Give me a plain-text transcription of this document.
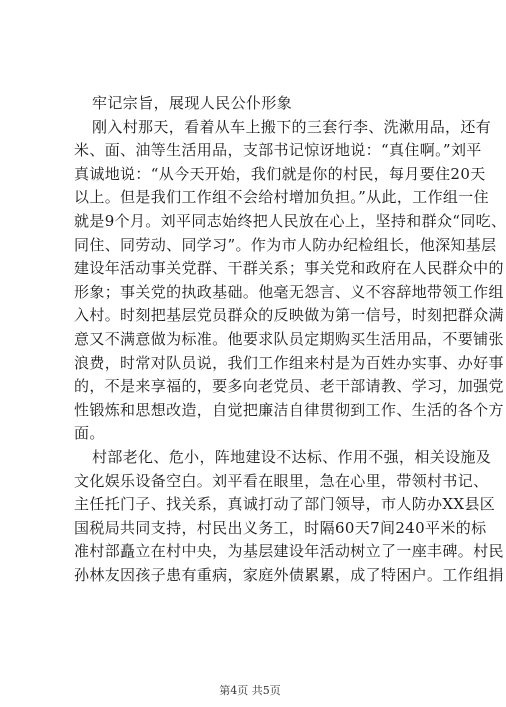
牢记宗旨，展现人民公仆形象

刚入村那天，看着从车上搬下的三套行李、洗漱用品，还有
米、面、油等生活用品，支部书记惊讶地说：“真住啊。”刘平
真诚地说：“从今天开始，我们就是你的村民，每月要住20天
以上。但是我们工作组不会给村增加负担。”从此，工作组一住
就是9个月。刘平同志始终把人民放在心上，坚持和群众“同吃、
同住、同劳动、同学习”。作为市人防办纪检组长，他深知基层
建设年活动事关党群、干群关系；事关党和政府在人民群众中的
形象；事关党的执政基础。他毫无怨言、义不容辞地带领工作组
入村。时刻把基层党员群众的反映做为第一信号，时刻把群众满
意又不满意做为标准。他要求队员定期购买生活用品，不要铺张
浪费，时常对队员说，我们工作组来村是为百姓办实事、办好事
的，不是来享福的，要多向老党员、老干部请教、学习，加强党
性锻炼和思想改造，自觉把廉洁自律贯彻到工作、生活的各个方
面。

村部老化、危小，阵地建设不达标、作用不强，相关设施及
文化娱乐设备空白。刘平看在眼里，急在心里，带领村书记、
主任托门子、找关系，真诚打动了部门领导，市人防办XX县区
国税局共同支持，村民出义务工，时隔60天7间240平米的标
准村部矗立在村中央，为基层建设年活动树立了一座丰碑。村民
孙林友因孩子患有重病，家庭外债累累，成了特困户。工作组捐

第4页 共5页
